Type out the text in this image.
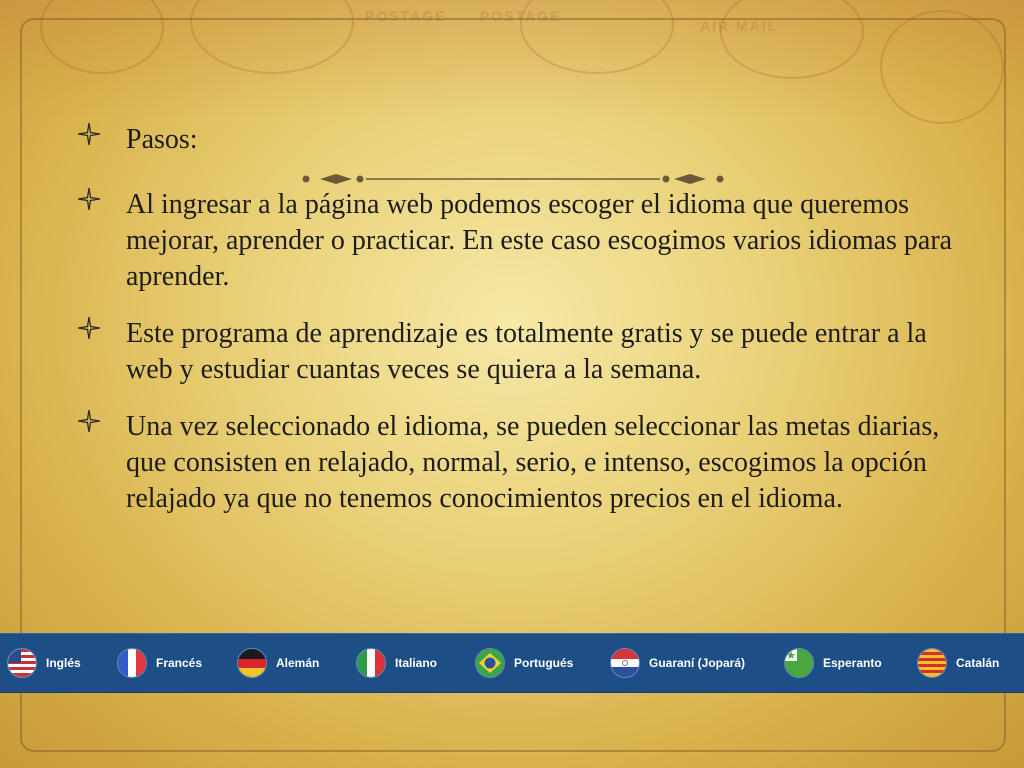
POSTAGE POSTAGE
AIR MAIL
Pasos:
Al ingresar a la página web podemos escoger el idioma que queremos mejorar, aprender o practicar. En este caso escogimos varios idiomas para aprender.
Este programa de aprendizaje es totalmente gratis y se puede entrar a la web y estudiar cuantas veces se quiera a la semana.
Una vez seleccionado el idioma, se pueden seleccionar las metas diarias, que consisten en relajado, normal, serio, e intenso, escogimos la opción relajado ya que no tenemos conocimientos precios en el idioma.
Inglés	Francés	Alemán	Italiano	Portugués	Guaraní (Jopará)	Esperanto	Catalán
